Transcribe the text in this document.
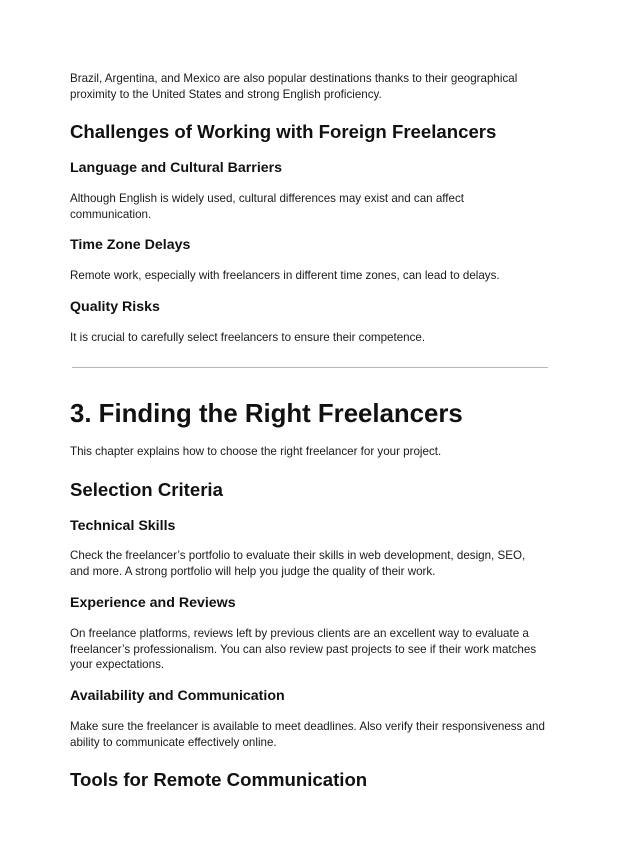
Brazil, Argentina, and Mexico are also popular destinations thanks to their geographical proximity to the United States and strong English proficiency.

Challenges of Working with Foreign Freelancers
Language and Cultural Barriers

Although English is widely used, cultural differences may exist and can affect communication.

Time Zone Delays

Remote work, especially with freelancers in different time zones, can lead to delays.

Quality Risks

It is crucial to carefully select freelancers to ensure their competence.

3. Finding the Right Freelancers

This chapter explains how to choose the right freelancer for your project.

Selection Criteria
Technical Skills

Check the freelancer’s portfolio to evaluate their skills in web development, design, SEO, and more. A strong portfolio will help you judge the quality of their work.

Experience and Reviews

On freelance platforms, reviews left by previous clients are an excellent way to evaluate a freelancer’s professionalism. You can also review past projects to see if their work matches your expectations.

Availability and Communication

Make sure the freelancer is available to meet deadlines. Also verify their responsiveness and ability to communicate effectively online.

Tools for Remote Communication
